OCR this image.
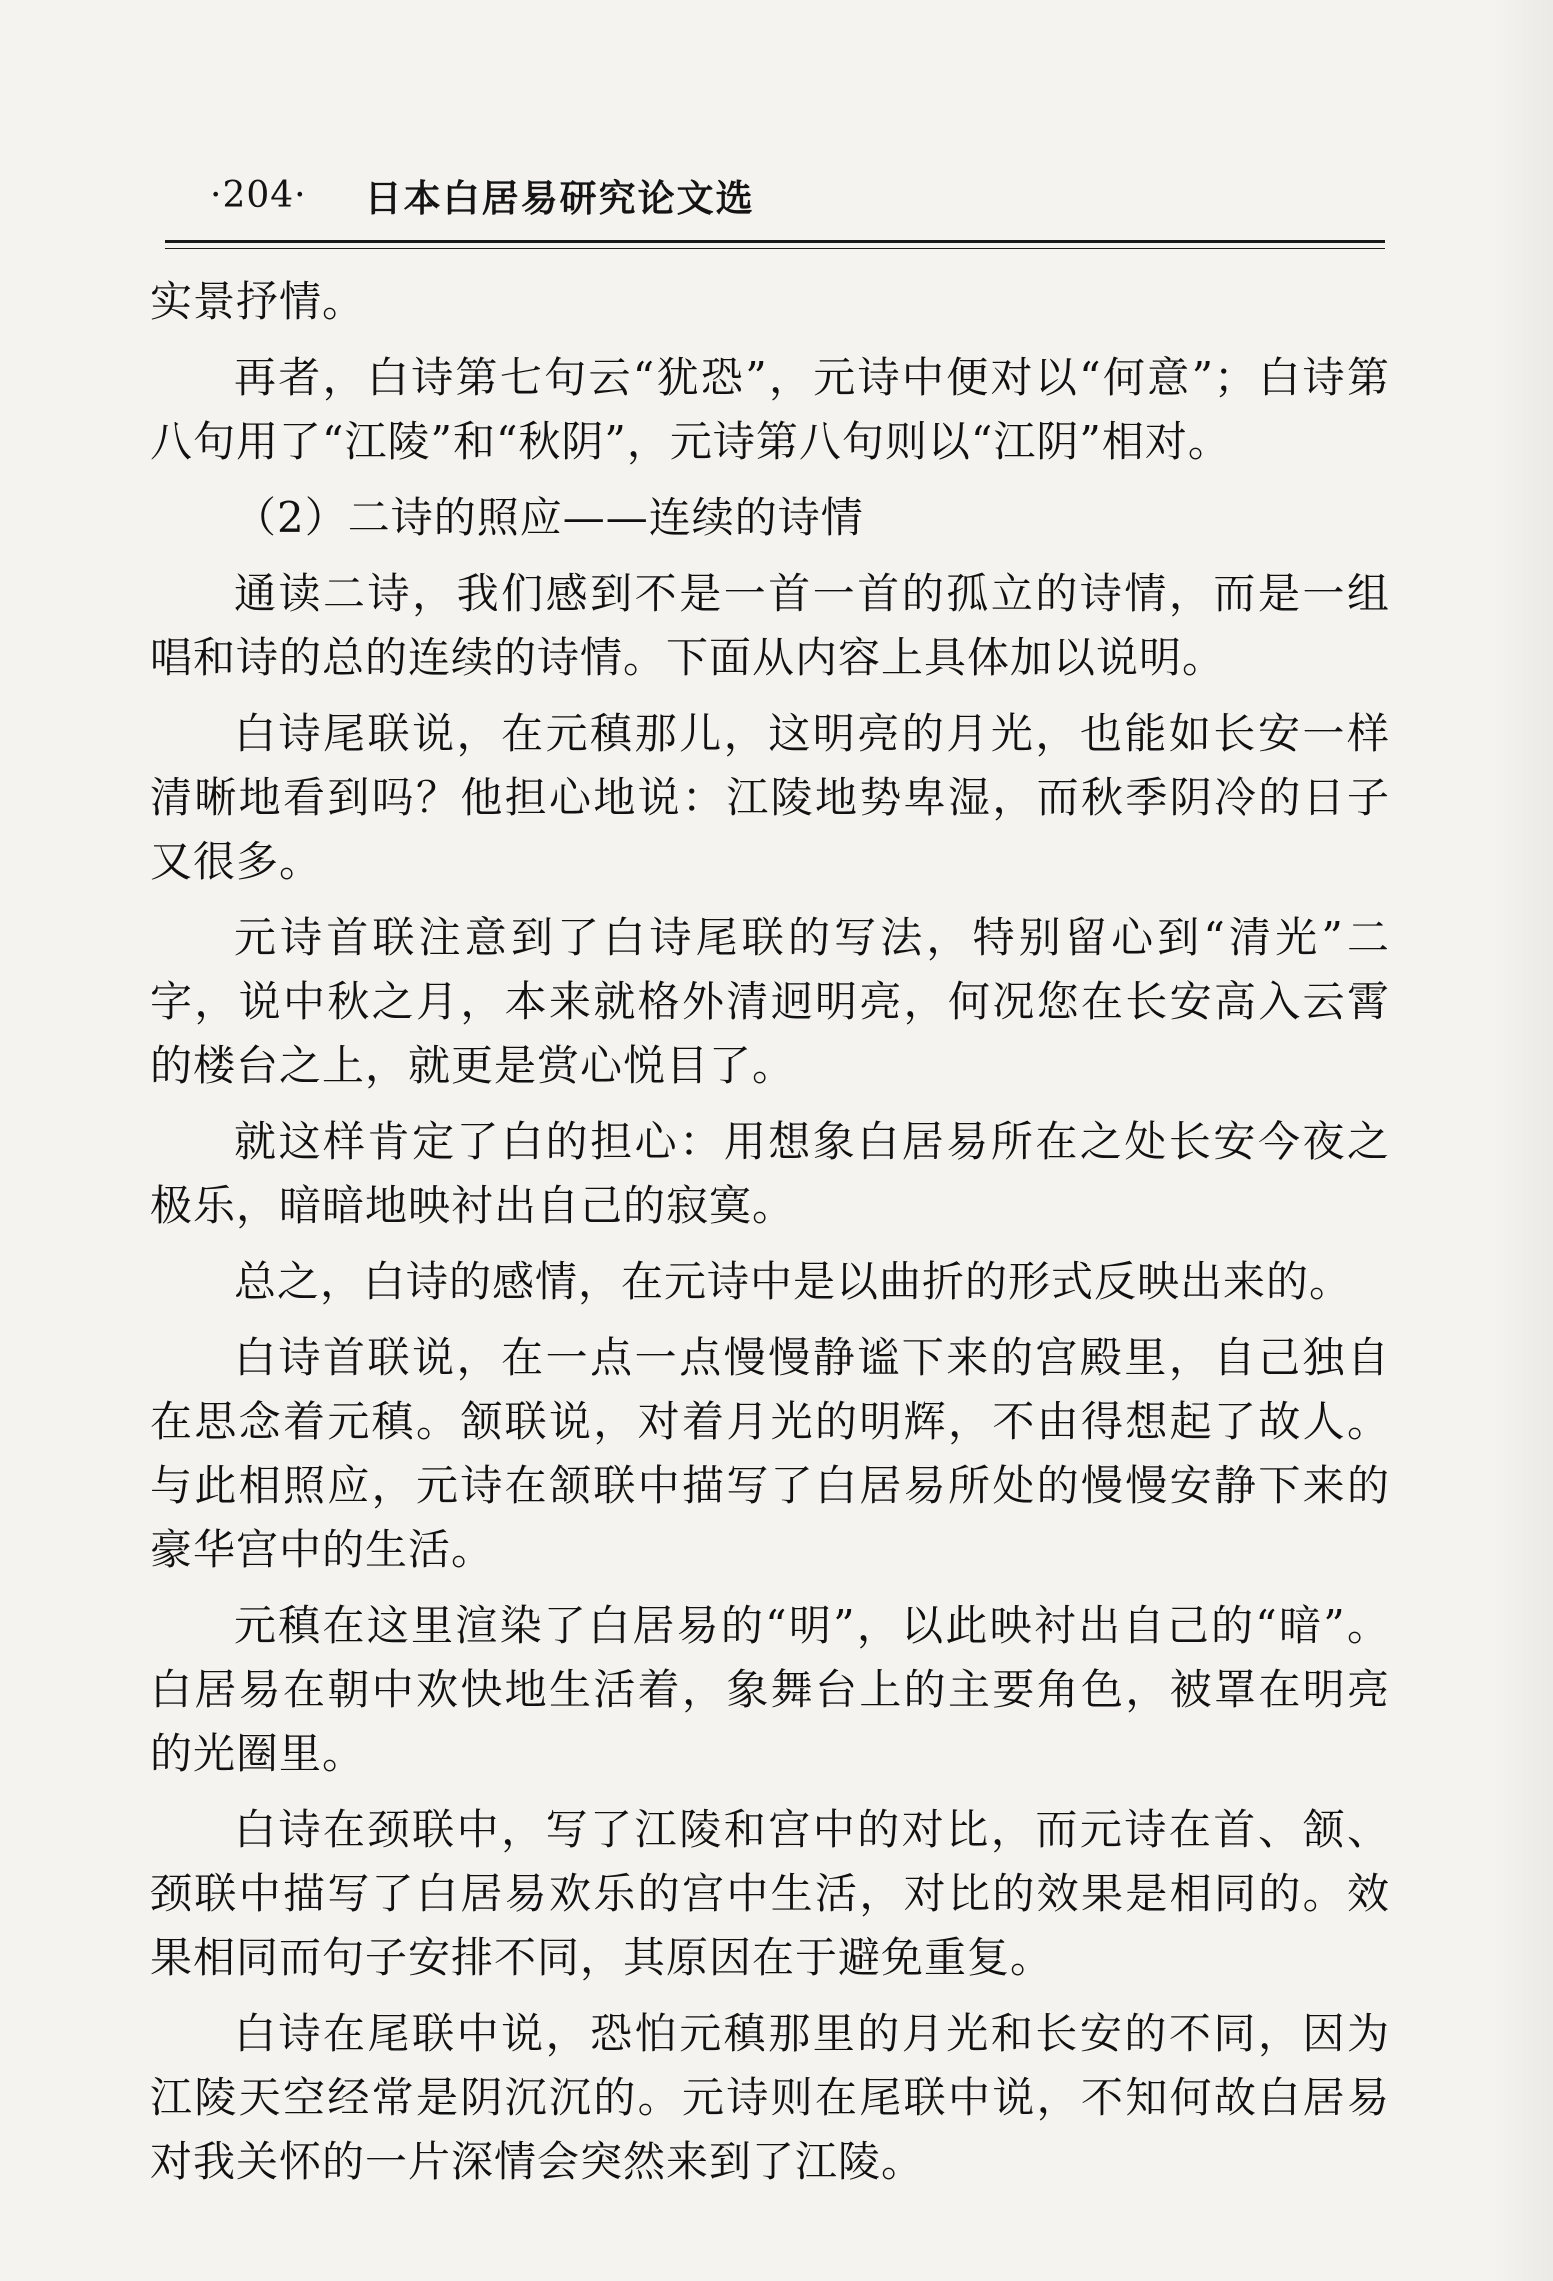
·204· 日本白居易研究论文选

实景抒情。

再者，白诗第七句云“犹恐”，元诗中便对以“何意”；白诗第八句用了“江陵”和“秋阴”，元诗第八句则以“江阴”相对。

（2）二诗的照应——连续的诗情

通读二诗，我们感到不是一首一首的孤立的诗情，而是一组唱和诗的总的连续的诗情。下面从内容上具体加以说明。

白诗尾联说，在元稹那儿，这明亮的月光，也能如长安一样清晰地看到吗？他担心地说：江陵地势卑湿，而秋季阴冷的日子又很多。

元诗首联注意到了白诗尾联的写法，特别留心到“清光”二字，说中秋之月，本来就格外清迥明亮，何况您在长安高入云霄的楼台之上，就更是赏心悦目了。

就这样肯定了白的担心：用想象白居易所在之处长安今夜之极乐，暗暗地映衬出自己的寂寞。

总之，白诗的感情，在元诗中是以曲折的形式反映出来的。

白诗首联说，在一点一点慢慢静谧下来的宫殿里，自己独自在思念着元稹。颔联说，对着月光的明辉，不由得想起了故人。与此相照应，元诗在颔联中描写了白居易所处的慢慢安静下来的豪华宫中的生活。

元稹在这里渲染了白居易的“明”，以此映衬出自己的“暗”。白居易在朝中欢快地生活着，象舞台上的主要角色，被罩在明亮的光圈里。

白诗在颈联中，写了江陵和宫中的对比，而元诗在首、颔、颈联中描写了白居易欢乐的宫中生活，对比的效果是相同的。效果相同而句子安排不同，其原因在于避免重复。

白诗在尾联中说，恐怕元稹那里的月光和长安的不同，因为江陵天空经常是阴沉沉的。元诗则在尾联中说，不知何故白居易对我关怀的一片深情会突然来到了江陵。
